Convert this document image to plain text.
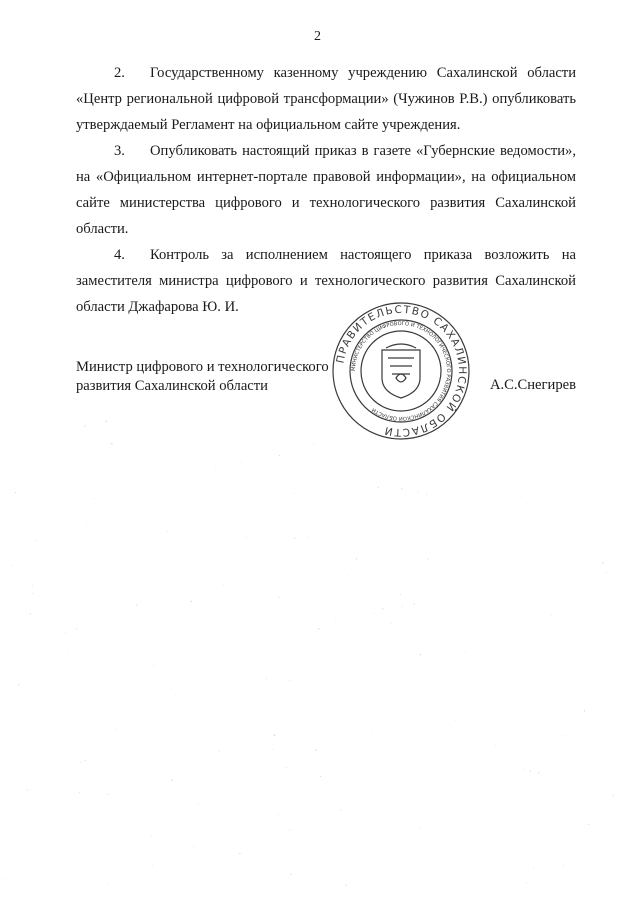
2

2. Государственному казенному учреждению Сахалинской области «Центр региональной цифровой трансформации» (Чужинов Р.В.) опубликовать утверждаемый Регламент на официальном сайте учреждения.

3. Опубликовать настоящий приказ в газете «Губернские ведомости», на «Официальном интернет-портале правовой информации», на официальном сайте министерства цифрового и технологического развития Сахалинской области.

4. Контроль за исполнением настоящего приказа возложить на заместителя министра цифрового и технологического развития Сахалинской области Джафарова Ю. И.

ПРАВИТЕЛЬСТВО САХАЛИНСКОЙ ОБЛАСТИ
МИНИСТЕРСТВО ЦИФРОВОГО И ТЕХНОЛОГИЧЕСКОГО РАЗВИТИЯ САХАЛИНСКОЙ ОБЛАСТИ
Министр цифрового и технологического
развития Сахалинской области	А.С.Снегирев
